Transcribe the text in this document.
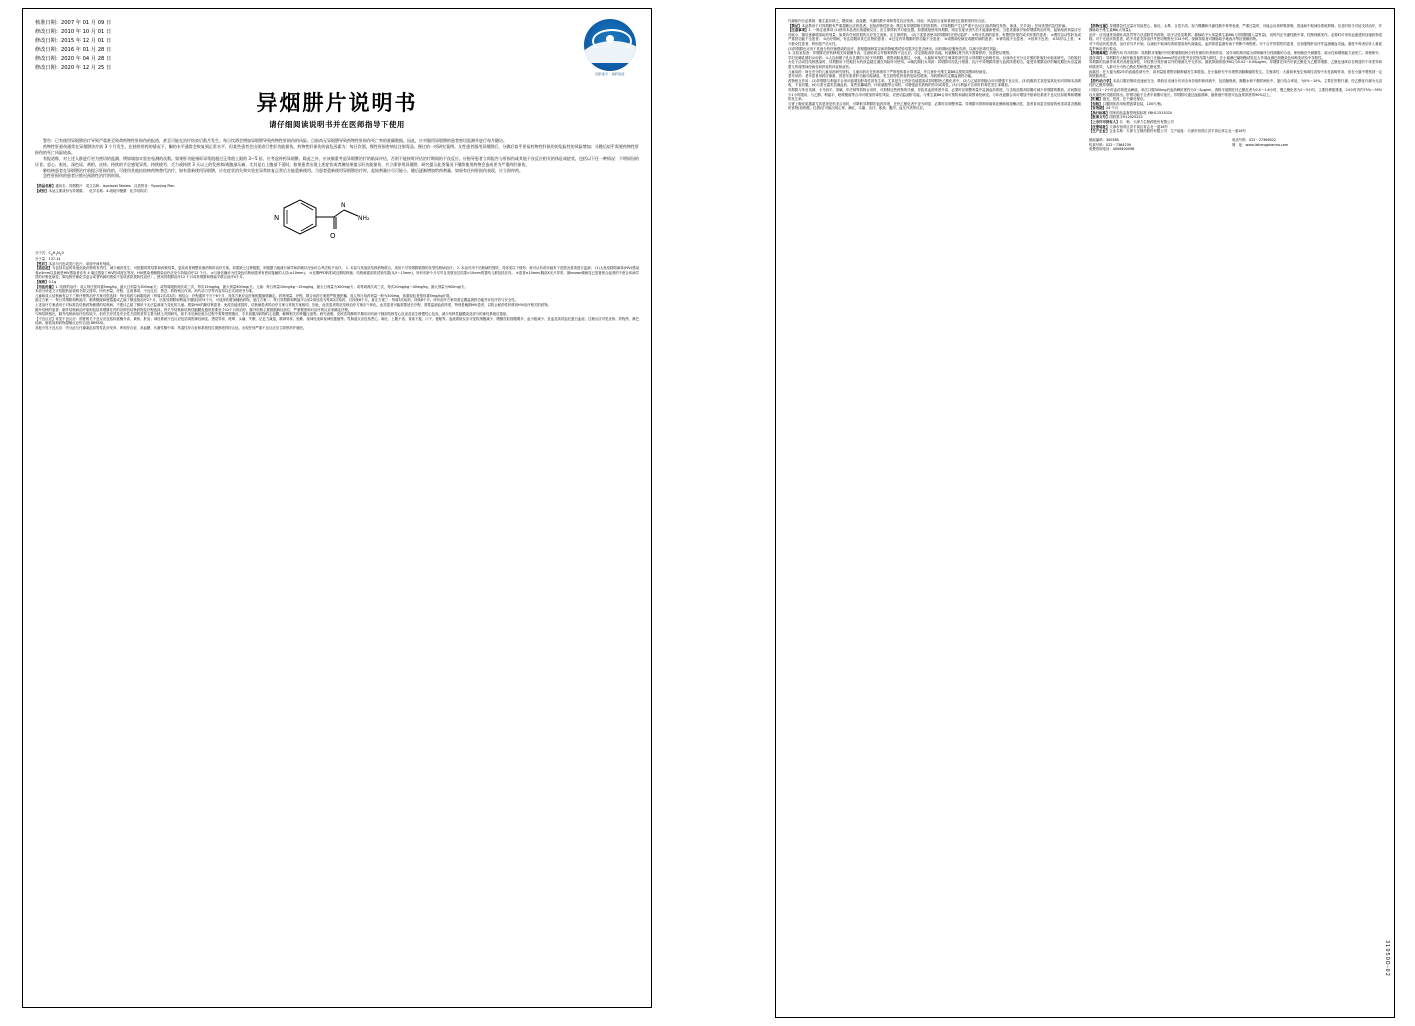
核准日期：2007 年 01 月 09 日
修改日期：2010 年 10 月 01 日
修改日期：2015 年 12 月 01 日
修改日期：2016 年 01 月 28 日
修改日期：2020 年 04 月 28 日
修改日期：2020 年 12 月 25 日
国药准字 · 国药集团
异烟肼片说明书
请仔细阅读说明书并在医师指导下使用
警告：已有使用异烟肼治疗导致严重甚至致命药物性肝损伤的报道，甚至可能在治疗结束后数月发生。每日饮酒会增加异烟肼导致药物性肝损伤的风险。目前尚无异烟肼导致药物性肝损伤死亡率的准确数据。因此，应对服用异烟肼的患者密切监测并进行每月随访。
药物性肝损伤通常在异烟肼治疗前 3 个月发生。在持续用药的情况下，酮的水平通常会恢复到正常水平，但某些患者会出现进行性肝功能损伤。药物性肝损伤的高危因素为：每日饮酒、慢性肝损害病灶注射毒品、慢过的一项研究案例。女性患者服用异烟肼后，分娩后似乎更易药物性肝损伤的危险性的风险增加；分娩后似乎需要药物性肝损伤的死亡风险较高。
有报道称，对上述人群进行更为密切的监测。例如墙加实验室检测的次数。如果肝功能指标异常值超过正常值上限的 3～5 倍，应考虑停药异烟肼。除此之外，应该慎重考虑异烟肼治疗的临床评估，否则不能按时评估治疗期间的不良反应。应指导患者立即报告与肝损伤或其他不良反应相关的体征或症状，包括以下任一种情况：不明原因的厌食、恶心、呕吐、深色尿、黄疸、皮疹、持续的手足感觉异常、持续疲劳、乏力或持续 3 天以上的发热和/或腹部压痛，尤其是右上腹部不适时。如果患者出现上述症状或者测结果提示肝功能损伤，应立即停用异烟肼，研究提示此类情况下继续使用药物会造成更为严重的肝损伤。
肺结核患者在异烟肼治疗前提示肝损伤的，可使用其他抗结核药物替代治疗。如有重新使用异烟肼，应在症状消失和实验室异常恢复正常后方能重新使用。当患者重新使用异烟肼治疗时，起始剂量应尽可能小，随后逐渐增加给药剂量，如果有任何肝损伤表现，应立即停药。
急性肝损伤的患者应推迟预防性治疗的时间。

【药品名称】通用名：异烟肼片　英文名称：Isoniazid Tablets　汉语拼音：Yiyanjing Pian

【成份】本品主要成份为异烟肼。　化学名称：4-吡啶甲酰肼　化学结构式：

N
O
N
NH₂

分子式：$C_6H_7N_3O$

分子量：137.14

【性状】本品为白色或类白色片，单面中间有刻痕。

【适应症】为包括本品的其他化痰药物的有效性、减少耐药发生，可根据的准结果和药敏结果，更改或者调整抗菌药物的治疗方案。如果缺乏这种数据，则根据当地流行病学和药敏状况参综合考虑给予治疗。 1. 本品与其他抗结核药物联合，适用于对异烟肼敏感的各型结核病治疗； 2. 本品可用于结核病的预防，具体见以下情形：被可认有或怀疑有下述情况者须进行监测； (1)人免疫缺陷病毒(HIV)感染者≥5mm以及就是HIV感染者沾有 4 毫过感染了HIV阳或度区等况、HIV感染者酮感染治疗应至少持续治疗12 个月。 ②与新近确诊为性染色结核病患者有密切接触的人员(≥10mm)。 ③近期PPD转阳或近期结核菌、结核菌素皮肤试验结果(从5～15mm)，所有年龄个月尽早且发展至过结果>10mm的婴幼儿都包括在内。 ④患者≥10mm(胸部X光片异常，最known硬病变已显著愈合起者的不愈合体病学效的纤维化病变、陈结核杆菌化学盒合或者钙病的感染不见或者拟预防性治疗）。使用异烟肼治疗12 个月或异烟肼和利福平联合治疗4个月。

【规格】0.1g

【用法用量】1. 结核的治疗：成人每日按体重5mg/kg，最大日剂量为300mg/天；或每周服药两次或三次，每次15mg/kg，最大剂量900mg/天。儿童：每日剂量10mg/kg～15mg/kg，最大日剂量为300mg/天；或每周两次或三次，每次20mg/kg～40mg/kg，最大剂量为900mg/天。

本部分所述文字依据药品说明书原文排印，所有剂量、疗程、注意事项、不良反应、禁忌、药物相互作用、药代动力学等内容均以正式说明书为准。

儿童和成人结核病有以下三种疗程的治疗方案可供选择：每日给药与间歇给药（每周2次或3次）相结合，疗程通常不少于6个月，具体方案应由医师根据病情确定。药物剂量、疗程、联合用药方案需严格遵医嘱。成人每日给药剂量一般为300mg，体重较轻者按体重5mg/kg计算。

备注方案一：每日异烟肼和利福平、吡嗪酰胺和链霉素或乙胺丁醇连续治疗2个月，后续异烟肼和利福平继续治疗4个月，可选择性增加辅助药物。备注方案二：每日异烟肼和利福平合用2周后改为每周2次给药，共持续6个月。备注方案三：每周3次给药，持续6个月。所有治疗方案均需定期监测肝功能并评估疗效与安全性。

上述治疗方案适用于对标准抗结核药物敏感的结核病，不建议乙胺丁醇用于无法监测视力变化的儿童。感染HIV的肺结核患者：免疫功能受损时，结核病患者的治疗方案与常规方案相同，因此，此类患者的抗结核治疗方案应个体化。此类患者可能需要延长疗程，需要监测血药浓度，特别是晚期HIV患者，以防止耐药性转移到HIV治疗相关的药物。

肺外结核的患者：肺外结核病治疗原则包括异烟肼在内的各种抗结核药物及疗程选择。骨关节结核和结核性脑膜炎通常需要至少12个月的治疗。肺外结核主要根据病灶部位、严重程度和对治疗的反应来确定疗程。

与制结核相比，肺外结核病治疗经验较少，但有关疗效及安全性方面的差异主要为缺乏对照研究。如手术后病灶愈合过程中需要观察随访，手术前服用药物的心包膜、解释相关的骨髓压迫等。研究表明，皮疹类同酶的早期应用有助于肺部结核性心包炎及延生缓慢性心包炎，减少结核性脑膜炎及部分的神经系统后遗症。

【不良反应】常见不良反应：肝脏相关不良反应包括转氨酶升高、黄疸、肝炎；神经系统不良反应包括周围神经病变、感觉异常、眩晕、头痛、失眠、记忆力减退、精神异常、惊厥、视神经炎和视神经萎缩等。胃肠道反应包括恶心、呕吐、上腹不适、食欲不振、口干、便秘等。血液系统反应可见粒细胞减少、嗜酸性粒细胞增多、血小板减少、贫血及高铁血红蛋白血症。过敏反应可见皮疹、药物热、淋巴结病、脉管炎和药物超敏反应综合征(DRESS)。

其他少见不良反应：内分泌与代谢紊乱如男性乳房发育、库欣综合征、高血糖、代谢性酸中毒；风湿性综合征和系统性红斑狼疮样综合征。出现任何严重不良反应应立即停药并就医。

代谢和内分泌系统：雅生素乐缺乏、糖皮病、高血糖、代谢性酸中毒和男性乳房发育。其他：风湿综合征和系统性红斑狼疮样综合征。

【禁忌】本品禁用于对异烟肼有严重超敏反应的患者，包括药物性肝炎；既往有异烟肼相关的肝损伤；对异烟肼产生过严重不良反应(如药物性发热、寒战、关节炎)；任何类型的急性肝病。

【注意事项】1. 一般注意事项 (1)使用本品者出现超敏反应、应立即停药并对症处置，如需继续使用异烟肼，则应在症状消失后才能重新使用。当患者重新开始异烟肼的治疗时，起始给药剂量应尽可能小，随后逐渐增加给药剂量，如果有任何肝损伤反应发生迹象，应立即停药。 (2)下述患者使用异烟肼时应密切监护： ①每日饮酒的患者、有慢性肝损伤或多肝损伤患者； ②慢性活动性肝炎或严重肝功能不全患者； ③治疗期间，有注清服用其它抗物的患者； ④过往有异烟肼的肝功能不全患者； ⑤周围神经病变或糖尿病的患者； ⑥肾功能不全患者； ⑦营养不良者； ⑧35岁以上者； ⑨少数女性患者，特别是产后女性。

(3)异烟肼也可用于其他分枝杆菌感染的治疗，需根据菌种鉴定和药物敏感试验结果决定是否使用。用药期间应避免饮酒，以减少肝毒性风险。

3. 实验室检查：异烟肼在肝转移相关转氨酶升高，注意给药合并数种药物不良反应。应定期检查肝功能。转氨酶轻度升高不需要停药，但需密切观察。

学妇及哺乳期妇女用药：①人乳和猴子乳出乳期的口给予异烟肼，观察到胎盘透过。小鼠、大鼠和家兔的生殖毒性研究显示异烟肼无致畸作用。目前尚无充分且对照的妊娠妇女临床研究。当妊娠妇女处于活动性结核感染时，异烟肼用于妊娠妇女的获益超过潜在风险时可使用。②哺乳期妇女用药：异烟肼可经乳汁排泄，乳汁中异烟肼浓度与血药浓度相当。接受异烟肼治疗的哺乳期妇女应监测婴儿的周围神经病变和肝炎的体征和症状。

儿童用药：尚无充分的儿童用药研究资料。儿童用药应在医师指导下严格按体重计算剂量，并注意补充维生素B6以预防周围神经病变。

老年用药：老年患者用药应慎重，因老年患者肝功能可能减退，发生药物性肝炎的危险性增加，用药期间应定期监测肝功能。

药物相互作用：(1)异烟肼与利福平合用可能增加肝毒性的发生率，尤其是在已有肝功能损害或异烟肼快乙酰化者中。(2)与乙硫异烟胺合用可增强不良反应。(3)抗酸药尤其是氢氧化铝可抑制本品吸收，不宜同服。(4)与香豆素类抗凝血药、某些抗癫痫药、环丝氨酸等合用时，可增强此类药物的作用或毒性。(5)与利福平合用时肝毒性发生率增加。

异烟肼与苯妥英钠、卡马西平、茶碱、华法林等药物合用时，可抑制这些药物的代谢，导致其血药浓度升高，必要时应调整剂量并监测血药浓度。与含铝抗酸剂同服可减少异烟肼的吸收，应间隔至少1小时服用。与乙醇、利福平、吡嗪酰胺等合用可增加肝毒性风险，应密切监测肝功能。与维生素B6合用可预防和减轻周围神经病变。与环丝氨酸合用可增加中枢神经系统不良反应如眩晕和嗜睡的发生率。

与肾上腺皮质激素尤其是泼尼松龙合用时，可降低异烟肼的血药浓度，在快乙酰化者中更为明显，必要时应调整剂量。异烟肼可抑制单胺氧化酶和组胺酶活性，患者食用富含组胺的鱼类或富含酪胺的食物(如奶酪、红酒)后可能出现心悸、潮红、头痛、出汗、寒战、腹泻、血压升高等反应。

【药物过量】异烟肼急性过量可导致恶心、呕吐、头晕、言语不清、视力模糊和代谢性酸中毒等表现，严重过量时，可能会出现呼吸抑制、昏迷和中枢神经系统抑制。应及时给予对症支持治疗，并静脉给予维生素B6(大剂量)。

治疗：应迅速采用催吐或洗胃等方法清除胃内药物，给予活性炭吸附。静脉给予大剂量维生素B6(与异烟肼摄入量等量)，同时纠正代谢性酸中毒，控制惊厥发作。必要时可采用血液透析加速药物清除。对于无症状的患者，给予对症支持治疗并密切观察至少24小时。惊厥持续者可静脉给予地西泮等抗惊厥药物。

对于有症状的患者，治疗应尽早开始，以减轻中枢神经系统损害和代谢紊乱。血药浓度监测有助于判断中毒程度。对于合并肝损伤的患者，应加强保肝治疗并监测凝血功能。重度中毒者应转入重症监护病房进行救治。

【药理毒理】药理作用 作用机制：异烟肼对细胞内外的繁殖期结核分枝杆菌均有杀菌作用，其作用机制可能为抑制菌体分枝菌酸的合成，使细菌丧失耐酸性、疏水性和增殖能力而死亡。毒理研究：遗传毒性：异烟肼在大肠杆菌及鼠伤寒沙门氏菌(Ames试验)回复突变试验结果为阴性，在小鼠淋巴瘤细胞试验及人外周血淋巴细胞染色体畸变试验中呈阳性。

异烟肼的抗菌作用具有高度选择性，对结核分枝杆菌以外的细菌几乎无作用。最低抑菌浓度(MIC)为0.02～0.05μg/ml。异烟肼在体内可被乙酰化为乙酰异烟肼，乙酰化速率存在明显的个体差异和种族差异，人群可分为快乙酰化型和慢乙酰化型。

致癌性：在大鼠为期2年的致癌性研究中，高剂量组观察到肺肿瘤发生率增加。在小鼠研究中亦观察到肺腺瘤的发生。生殖毒性：大鼠和家兔生殖毒性试验中未见致畸作用，但在小鼠中观察到一定的胚胎毒性。

【药代动力学】本品口服后吸收迅速而完全，吸收后迅速分布到全身各组织和体液中，包括脑脊液、胸腹水和干酪样病灶中。蛋白结合率低，为0%～10%。主要在肝脏代谢，经乙酰化代谢为无活性的乙酰异烟肼。

口服后1～2小时血药浓度达峰值，单次口服300mg后血药峰浓度约为3～5μg/ml。消除半衰期在快乙酰化者为0.5～1.6小时，慢乙酰化者为2～5小时。主要经肾脏排泄，24小时内约75%～95%以代谢物形式随尿排出。肝肾功能不全者半衰期可延长。异烟肼可通过血脑屏障，脑脊液中浓度可达血浆浓度的90%以上。

【贮藏】遮光，密封，在干燥处保存。

【包装】口服固体药用铝塑泡罩包装，100片/瓶。

【有效期】24 个月

【执行标准】国家药品监督管理局标准 YBH11513020

【批准文号】国药准字H12020222

【上市许可持有人】名　称：天津力生制药股份有限公司

【注册地址】天津市西青区洪平岗区常志北一道16号

【生产企业】企业名称：天津力生制药股份有限公司　生产地址：天津市西青区洪平岗区常志北一道16号

邮政编码：300385

传真号码：022－7364239

免费咨询电话：4006400098

电话号码：022－27366022

网　址：www.lishengpharma.com

31050D-02
